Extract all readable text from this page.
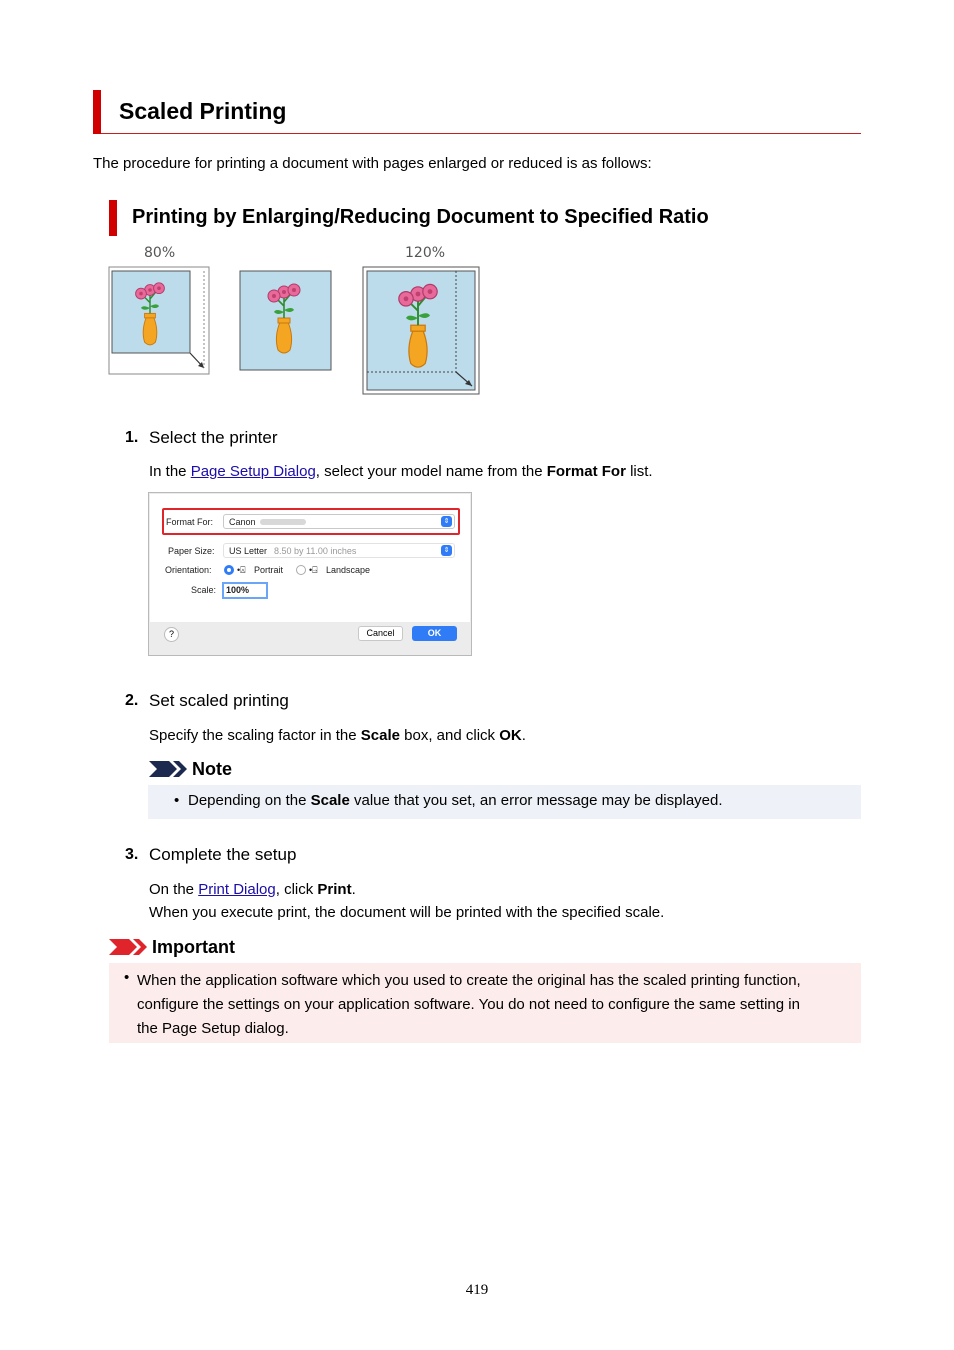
Scaled Printing
The procedure for printing a document with pages enlarged or reduced is as follows:
Printing by Enlarging/Reducing Document to Specified Ratio
80%	120%
1. Select the printer
In the Page Setup Dialog, select your model name from the Format For list.
Format For: Canon	⇕
Paper Size: US Letter 8.50 by 11.00 inches	⇕
Orientation:	•⍓ Portrait	•⍈ Landscape
Scale: 100%
?	Cancel	OK
2. Set scaled printing
Specify the scaling factor in the Scale box, and click OK.
Note
• Depending on the Scale value that you set, an error message may be displayed.
3. Complete the setup
On the Print Dialog, click Print.
When you execute print, the document will be printed with the specified scale.
Important
• When the application software which you used to create the original has the scaled printing function,
configure the settings on your application software. You do not need to configure the same setting in
the Page Setup dialog.
419
